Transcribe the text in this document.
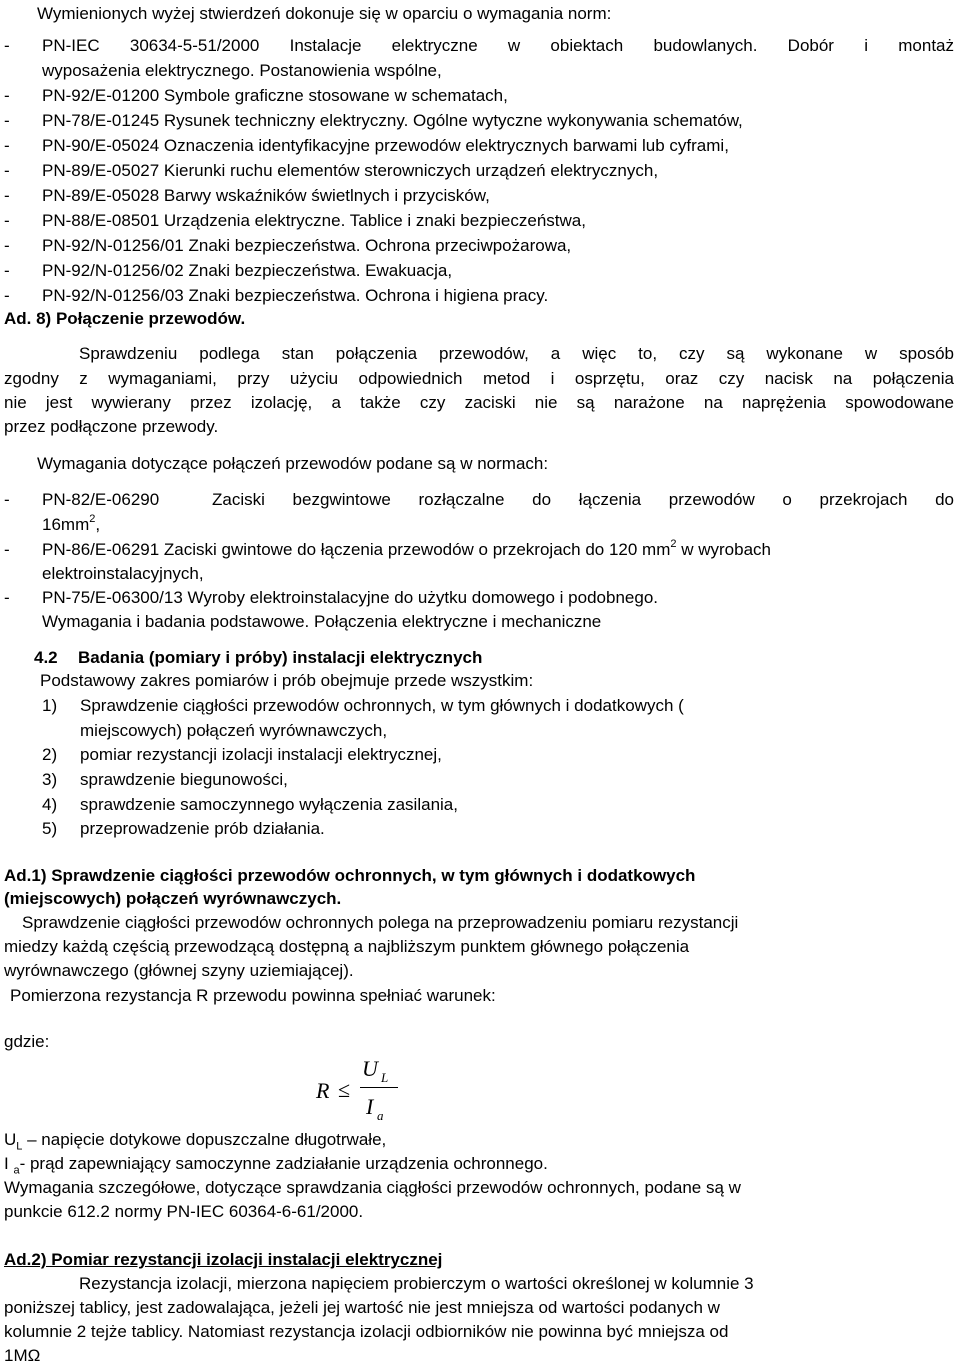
Wymienionych wyżej stwierdzeń dokonuje się w oparciu o wymagania norm:
- PN-IEC 30634-5-51/2000 Instalacje elektryczne w obiektach budowlanych. Dobór i montaż
wyposażenia elektrycznego. Postanowienia wspólne,
- PN-92/E-01200 Symbole graficzne stosowane w schematach,
- PN-78/E-01245 Rysunek techniczny elektryczny. Ogólne wytyczne wykonywania schematów,
- PN-90/E-05024 Oznaczenia identyfikacyjne przewodów elektrycznych barwami lub cyframi,
- PN-89/E-05027 Kierunki ruchu elementów sterowniczych urządzeń elektrycznych,
- PN-89/E-05028 Barwy wskaźników świetlnych i przycisków,
- PN-88/E-08501 Urządzenia elektryczne. Tablice i znaki bezpieczeństwa,
- PN-92/N-01256/01 Znaki bezpieczeństwa. Ochrona przeciwpożarowa,
- PN-92/N-01256/02 Znaki bezpieczeństwa. Ewakuacja,
- PN-92/N-01256/03 Znaki bezpieczeństwa. Ochrona i higiena pracy.
Ad. 8) Połączenie przewodów.
Sprawdzeniu podlega stan połączenia przewodów, a więc to, czy są wykonane w sposób
zgodny z wymaganiami, przy użyciu odpowiednich metod i osprzętu, oraz czy nacisk na połączenia
nie jest wywierany przez izolację, a także czy zaciski nie są narażone na naprężenia spowodowane
przez podłączone przewody.
Wymagania dotyczące połączeń przewodów podane są w normach:
- PN-82/E-06290	Zaciski bezgwintowe rozłączalne do łączenia przewodów o przekrojach do
$16mm^2$,
- PN-86/E-06291 Zaciski gwintowe do łączenia przewodów o przekrojach do 120 $mm^2$ w wyrobach
elektroinstalacyjnych,
- PN-75/E-06300/13 Wyroby elektroinstalacyjne do użytku domowego i podobnego.
Wymagania i badania podstawowe. Połączenia elektryczne i mechaniczne
4.2 Badania (pomiary i próby) instalacji elektrycznych
Podstawowy zakres pomiarów i prób obejmuje przede wszystkim:
1) Sprawdzenie ciągłości przewodów ochronnych, w tym głównych i dodatkowych (
miejscowych) połączeń wyrównawczych,
2) pomiar rezystancji izolacji instalacji elektrycznej,
3) sprawdzenie biegunowości,
4) sprawdzenie samoczynnego wyłączenia zasilania,
5) przeprowadzenie prób działania.
Ad.1) Sprawdzenie ciągłości przewodów ochronnych, w tym głównych i dodatkowych
(miejscowych) połączeń wyrównawczych.
Sprawdzenie ciągłości przewodów ochronnych polega na przeprowadzeniu pomiaru rezystancji
miedzy każdą częścią przewodzącą dostępną a najbliższym punktem głównego połączenia
wyrównawczego (głównej szyny uziemiającej).
Pomierzona rezystancja R przewodu powinna spełniać warunek:
gdzie:
R ≤
U L
I a
$U_L$ – napięcie dotykowe dopuszczalne długotrwałe,
I $_a$- prąd zapewniający samoczynne zadziałanie urządzenia ochronnego.
Wymagania szczegółowe, dotyczące sprawdzania ciągłości przewodów ochronnych, podane są w
punkcie 612.2 normy PN-IEC 60364-6-61/2000.
Ad.2) Pomiar rezystancji izolacji instalacji elektrycznej
Rezystancja izolacji, mierzona napięciem probierczym o wartości określonej w kolumnie 3
poniższej tablicy, jest zadowalająca, jeżeli jej wartość nie jest mniejsza od wartości podanych w
kolumnie 2 tejże tablicy. Natomiast rezystancja izolacji odbiorników nie powinna być mniejsza od
1MΩ
